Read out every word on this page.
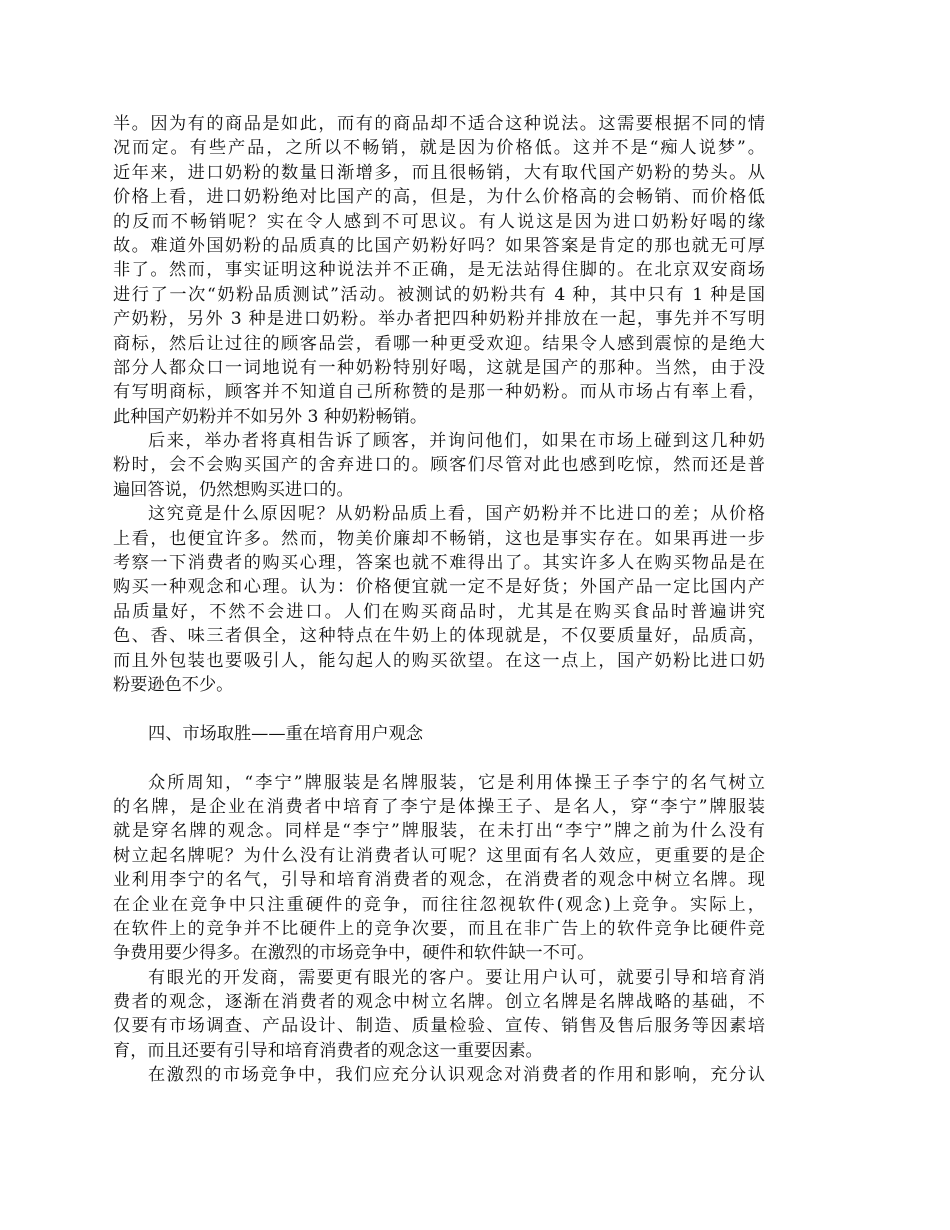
半。因为有的商品是如此，而有的商品却不适合这种说法。这需要根据不同的情
况而定。有些产品，之所以不畅销，就是因为价格低。这并不是“痴人说梦”。
近年来，进口奶粉的数量日渐增多，而且很畅销，大有取代国产奶粉的势头。从
价格上看，进口奶粉绝对比国产的高，但是，为什么价格高的会畅销、而价格低
的反而不畅销呢？实在令人感到不可思议。有人说这是因为进口奶粉好喝的缘
故。难道外国奶粉的品质真的比国产奶粉好吗？如果答案是肯定的那也就无可厚
非了。然而，事实证明这种说法并不正确，是无法站得住脚的。在北京双安商场
进行了一次“奶粉品质测试”活动。被测试的奶粉共有 4 种，其中只有 1 种是国
产奶粉，另外 3 种是进口奶粉。举办者把四种奶粉并排放在一起，事先并不写明
商标，然后让过往的顾客品尝，看哪一种更受欢迎。结果令人感到震惊的是绝大
部分人都众口一词地说有一种奶粉特别好喝，这就是国产的那种。当然，由于没
有写明商标，顾客并不知道自己所称赞的是那一种奶粉。而从市场占有率上看，
此种国产奶粉并不如另外 3 种奶粉畅销。
后来，举办者将真相告诉了顾客，并询问他们，如果在市场上碰到这几种奶
粉时，会不会购买国产的舍弃进口的。顾客们尽管对此也感到吃惊，然而还是普
遍回答说，仍然想购买进口的。
这究竟是什么原因呢？从奶粉品质上看，国产奶粉并不比进口的差；从价格
上看，也便宜许多。然而，物美价廉却不畅销，这也是事实存在。如果再进一步
考察一下消费者的购买心理，答案也就不难得出了。其实许多人在购买物品是在
购买一种观念和心理。认为：价格便宜就一定不是好货；外国产品一定比国内产
品质量好，不然不会进口。人们在购买商品时，尤其是在购买食品时普遍讲究
色、香、味三者俱全，这种特点在牛奶上的体现就是，不仅要质量好，品质高，
而且外包装也要吸引人，能勾起人的购买欲望。在这一点上，国产奶粉比进口奶
粉要逊色不少。
四、市场取胜——重在培育用户观念
众所周知，“李宁”牌服装是名牌服装，它是利用体操王子李宁的名气树立
的名牌，是企业在消费者中培育了李宁是体操王子、是名人，穿“李宁”牌服装
就是穿名牌的观念。同样是“李宁”牌服装，在未打出“李宁”牌之前为什么没有
树立起名牌呢？为什么没有让消费者认可呢？这里面有名人效应，更重要的是企
业利用李宁的名气，引导和培育消费者的观念，在消费者的观念中树立名牌。现
在企业在竞争中只注重硬件的竞争，而往往忽视软件(观念)上竞争。实际上，
在软件上的竞争并不比硬件上的竞争次要，而且在非广告上的软件竞争比硬件竞
争费用要少得多。在激烈的市场竞争中，硬件和软件缺一不可。
有眼光的开发商，需要更有眼光的客户。要让用户认可，就要引导和培育消
费者的观念，逐渐在消费者的观念中树立名牌。创立名牌是名牌战略的基础，不
仅要有市场调查、产品设计、制造、质量检验、宣传、销售及售后服务等因素培
育，而且还要有引导和培育消费者的观念这一重要因素。
在激烈的市场竞争中，我们应充分认识观念对消费者的作用和影响，充分认
